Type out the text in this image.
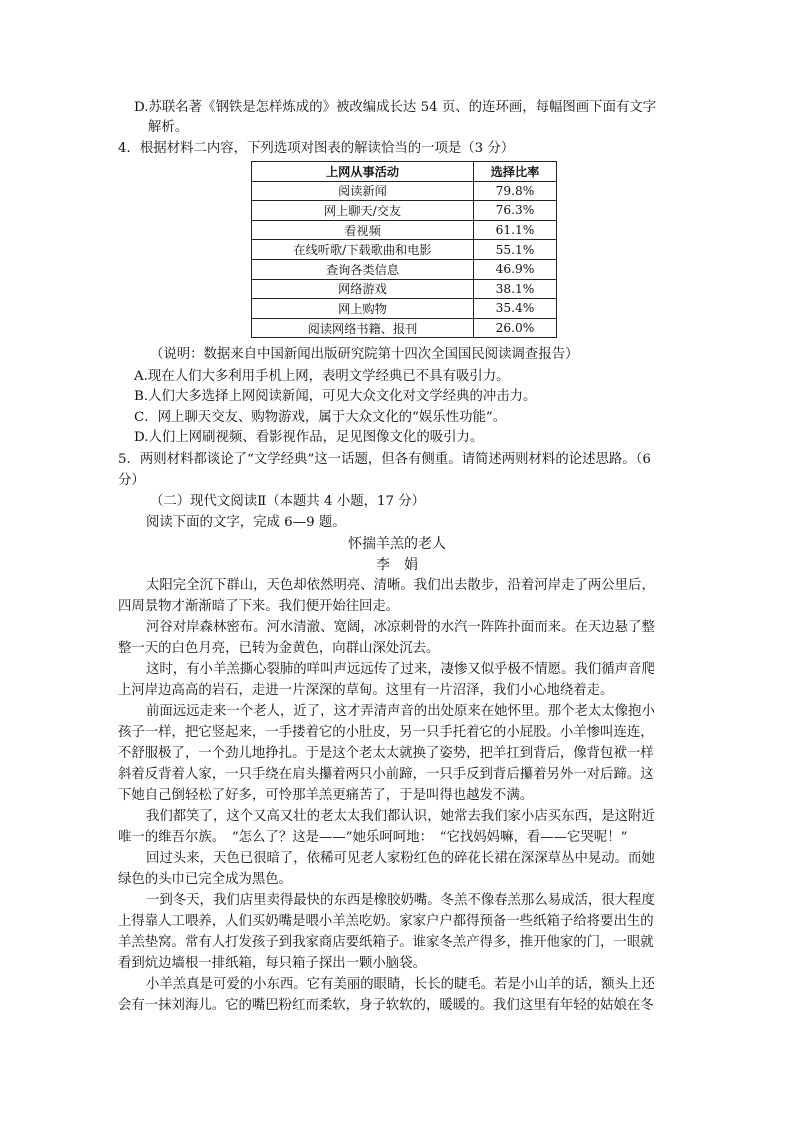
D.苏联名著《钢铁是怎样炼成的》被改编成长达 54 页、的连环画，每幅图画下面有文字
解析。
4．根据材料二内容，下列选项对图表的解读恰当的一项是（3 分）
上网从事活动	选择比率
阅读新闻	79.8%
网上聊天/交友	76.3%
看视频	61.1%
在线听歌/下载歌曲和电影	55.1%
查询各类信息	46.9%
网络游戏	38.1%
网上购物	35.4%
阅读网络书籍、报刊	26.0%
（说明：数据来自中国新闻出版研究院第十四次全国国民阅读调查报告）
A.现在人们大多利用手机上网，表明文学经典已不具有吸引力。
B.人们大多选择上网阅读新闻，可见大众文化对文学经典的冲击力。
C．网上聊天交友、购物游戏，属于大众文化的“娱乐性功能”。
D.人们上网刷视频、看影视作品，足见图像文化的吸引力。
5．两则材料都谈论了“文学经典”这一话题，但各有侧重。请简述两则材料的论述思路。（6
分）
（二）现代文阅读Ⅱ（本题共 4 小题，17 分）
阅读下面的文字，完成 6—9 题。
怀揣羊羔的老人
李　娟
太阳完全沉下群山，天色却依然明亮、清晰。我们出去散步，沿着河岸走了两公里后，
四周景物才渐渐暗了下来。我们便开始往回走。
河谷对岸森林密布。河水清澈、宽阔，冰凉刺骨的水汽一阵阵扑面而来。在天边悬了整
整一天的白色月亮，已转为金黄色，向群山深处沉去。
这时，有小羊羔撕心裂肺的咩叫声远远传了过来，凄惨又似乎极不情愿。我们循声音爬
上河岸边高高的岩石，走进一片深深的草甸。这里有一片沼泽，我们小心地绕着走。
前面远远走来一个老人，近了，这才弄清声音的出处原来在她怀里。那个老太太像抱小
孩子一样，把它竖起来，一手搂着它的小肚皮，另一只手托着它的小屁股。小羊惨叫连连，
不舒服极了，一个劲儿地挣扎。于是这个老太太就换了姿势，把羊扛到背后，像背包袱一样
斜着反背着人家，一只手绕在肩头攥着两只小前蹄，一只手反到背后攥着另外一对后蹄。这
下她自己倒轻松了好多，可怜那羊羔更痛苦了，于是叫得也越发不满。
我们都笑了，这个又高又壮的老太太我们都认识，她常去我们家小店买东西，是这附近
唯一的维吾尔族。　“怎么了？这是——”她乐呵呵地：　“它找妈妈嘛，看——它哭呢！”
回过头来，天色已很暗了，依稀可见老人家粉红色的碎花长裙在深深草丛中晃动。而她
绿色的头巾已完全成为黑色。
一到冬天，我们店里卖得最快的东西是橡胶奶嘴。冬羔不像春羔那么易成活，很大程度
上得靠人工喂养，人们买奶嘴是喂小羊羔吃奶。家家户户都得预备一些纸箱子给将要出生的
羊羔垫窝。常有人打发孩子到我家商店要纸箱子。谁家冬羔产得多，推开他家的门，一眼就
看到炕边墙根一排纸箱，每只箱子探出一颗小脑袋。
小羊羔真是可爱的小东西。它有美丽的眼睛，长长的睫毛。若是小山羊的话，额头上还
会有一抹刘海儿。它的嘴巴粉红而柔软，身子软软的，暖暖的。我们这里有年轻的姑娘在冬
